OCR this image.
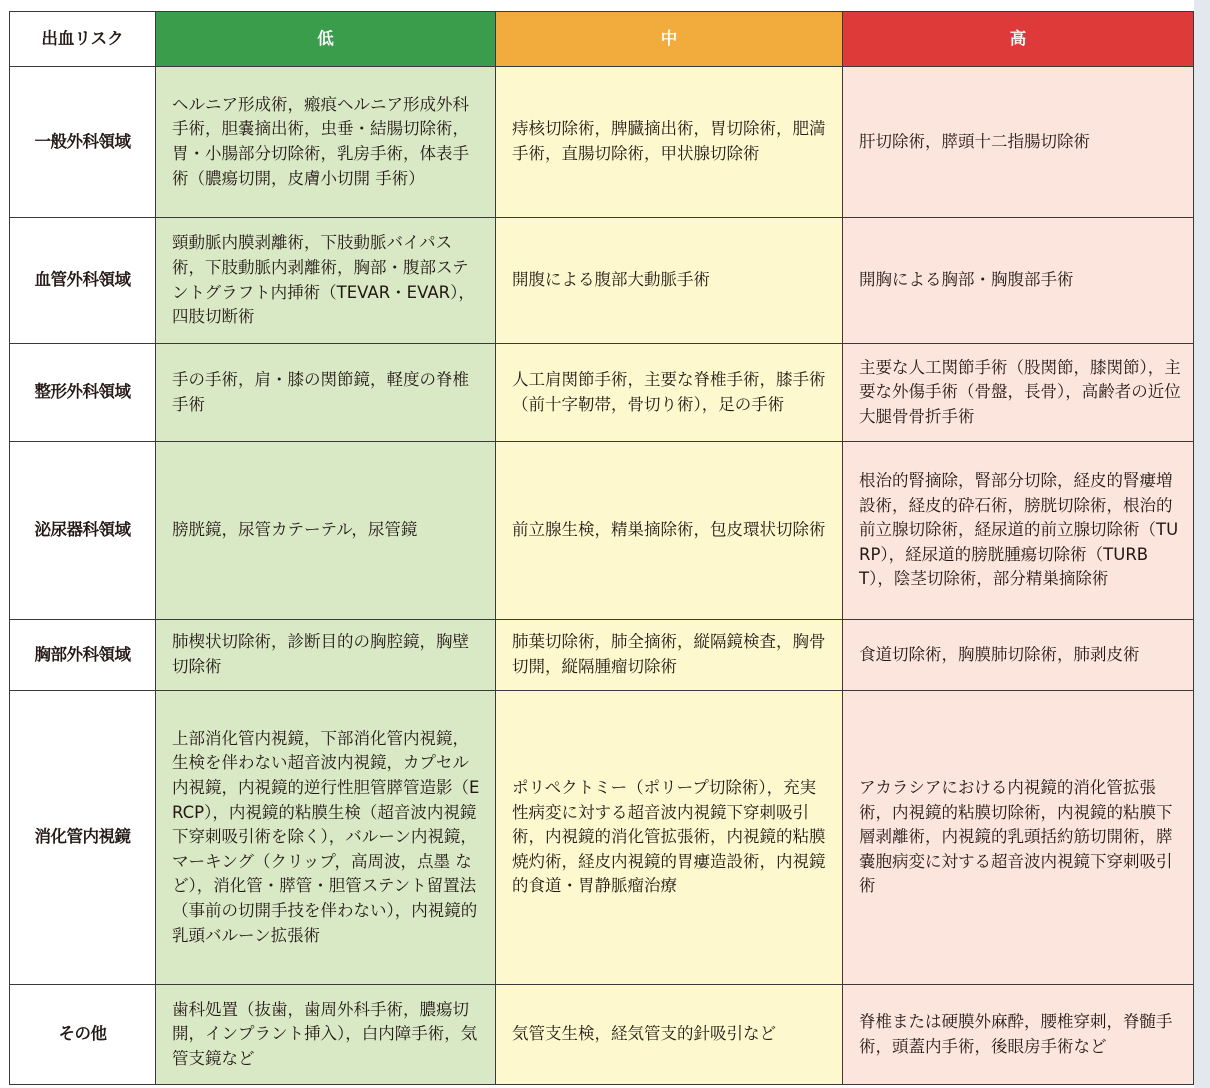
出血リスク	低	中	高
一般外科領域	ヘルニア形成術，瘢痕ヘルニア形成外科手術，胆嚢摘出術，虫垂・結腸切除術，胃・小腸部分切除術，乳房手術，体表手術（膿瘍切開，皮膚小切開 手術）	痔核切除術，脾臓摘出術，胃切除術，肥満手術，直腸切除術，甲状腺切除術	肝切除術，膵頭十二指腸切除術

血管外科領域	頸動脈内膜剥離術，下肢動脈バイパス術，下肢動脈内剥離術，胸部・腹部ステントグラフト内挿術（TEVAR・EVAR），四肢切断術	開腹による腹部大動脈手術	開胸による胸部・胸腹部手術

整形外科領域	手の手術，肩・膝の関節鏡，軽度の脊椎手術	人工肩関節手術，主要な脊椎手術，膝手術（前十字靭帯，骨切り術），足の手術	主要な人工関節手術（股関節，膝関節），主要な外傷手術（骨盤，長骨），高齢者の近位大腿骨骨折手術

泌尿器科領域	膀胱鏡，尿管カテーテル，尿管鏡	前立腺生検，精巣摘除術，包皮環状切除術	根治的腎摘除，腎部分切除，経皮的腎瘻増設術，経皮的砕石術，膀胱切除術，根治的前立腺切除術，経尿道的前立腺切除術（TURP），経尿道的膀胱腫瘍切除術（TURBT），陰茎切除術，部分精巣摘除術

胸部外科領域	肺楔状切除術，診断目的の胸腔鏡，胸壁切除術	肺葉切除術，肺全摘術，縦隔鏡検査，胸骨切開，縦隔腫瘤切除術	食道切除術，胸膜肺切除術，肺剥皮術

消化管内視鏡	上部消化管内視鏡，下部消化管内視鏡，生検を伴わない超音波内視鏡，カプセル内視鏡，内視鏡的逆行性胆管膵管造影（ERCP），内視鏡的粘膜生検（超音波内視鏡下穿刺吸引術を除く），バルーン内視鏡，マーキング（クリップ，高周波，点墨 など），消化管・膵管・胆管ステント留置法（事前の切開手技を伴わない），内視鏡的乳頭バルーン拡張術	ポリペクトミー（ポリープ切除術），充実性病変に対する超音波内視鏡下穿刺吸引術，内視鏡的消化管拡張術，内視鏡的粘膜焼灼術，経皮内視鏡的胃瘻造設術，内視鏡的食道・胃静脈瘤治療	アカラシアにおける内視鏡的消化管拡張術，内視鏡的粘膜切除術，内視鏡的粘膜下層剥離術，内視鏡的乳頭括約筋切開術，膵嚢胞病変に対する超音波内視鏡下穿刺吸引術

その他	歯科処置（抜歯，歯周外科手術，膿瘍切開，インプラント挿入），白内障手術，気管支鏡など	気管支生検，経気管支的針吸引など	脊椎または硬膜外麻酔，腰椎穿刺，脊髄手術，頭蓋内手術，後眼房手術など
